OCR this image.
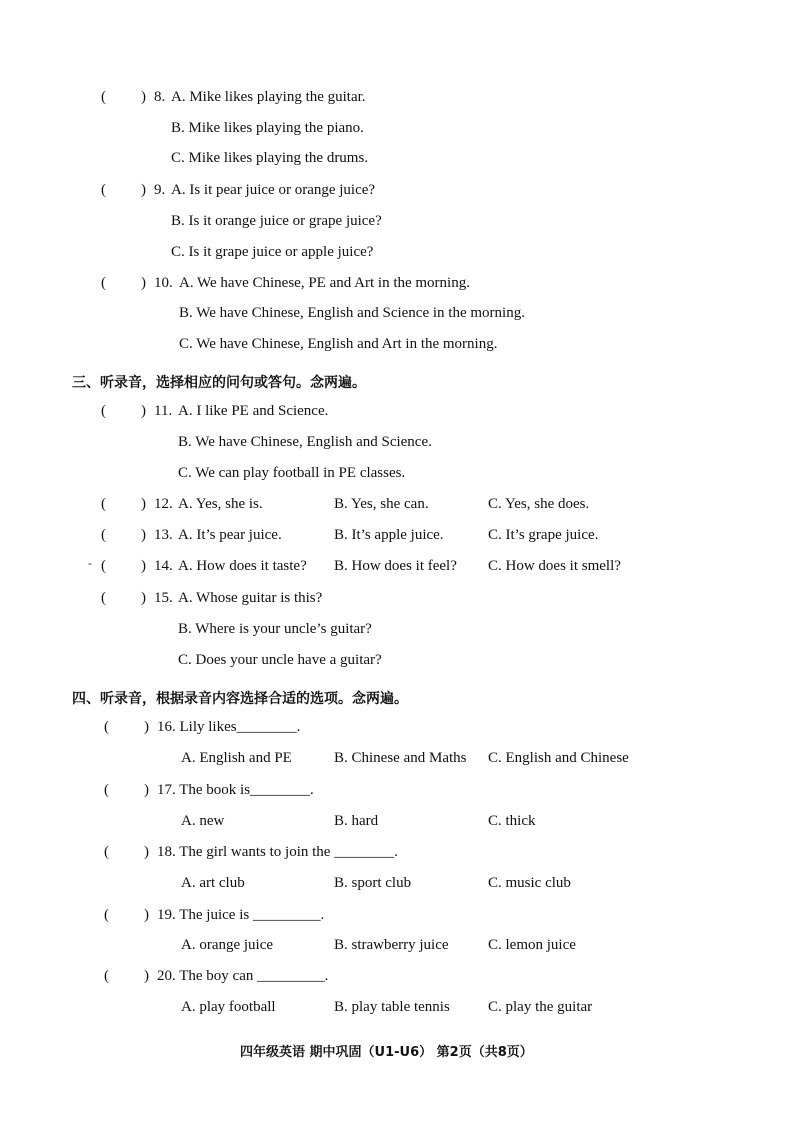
( ) 8. A. Mike likes playing the guitar.
B. Mike likes playing the piano.
C. Mike likes playing the drums.
( ) 9. A. Is it pear juice or orange juice?
B. Is it orange juice or grape juice?
C. Is it grape juice or apple juice?
( ) 10. A. We have Chinese, PE and Art in the morning.
B. We have Chinese, English and Science in the morning.
C. We have Chinese, English and Art in the morning.
三、听录音，选择相应的问句或答句。念两遍。
( ) 11. A. I like PE and Science.
B. We have Chinese, English and Science.
C. We can play football in PE classes.
( ) 12. A. Yes, she is.	B. Yes, she can.	C. Yes, she does.
( ) 13. A. It’s pear juice.	B. It’s apple juice.	C. It’s grape juice.
- ( ) 14. A. How does it taste? B. How does it feel? C. How does it smell?
( ) 15. A. Whose guitar is this?
B. Where is your uncle’s guitar?
C. Does your uncle have a guitar?
四、听录音，根据录音内容选择合适的选项。念两遍。
( ) 16. Lily likes________.
A. English and PE	B. Chinese and Maths C. English and Chinese
( ) 17. The book is________.
A. new	B. hard	C. thick
( ) 18. The girl wants to join the ________.
A. art club	B. sport club	C. music club
( ) 19. The juice is _________.
A. orange juice	B. strawberry juice	C. lemon juice
( ) 20. The boy can _________.
A. play football	B. play table tennis	C. play the guitar
四年级英语 期中巩固（U1-U6） 第2页（共8页）
